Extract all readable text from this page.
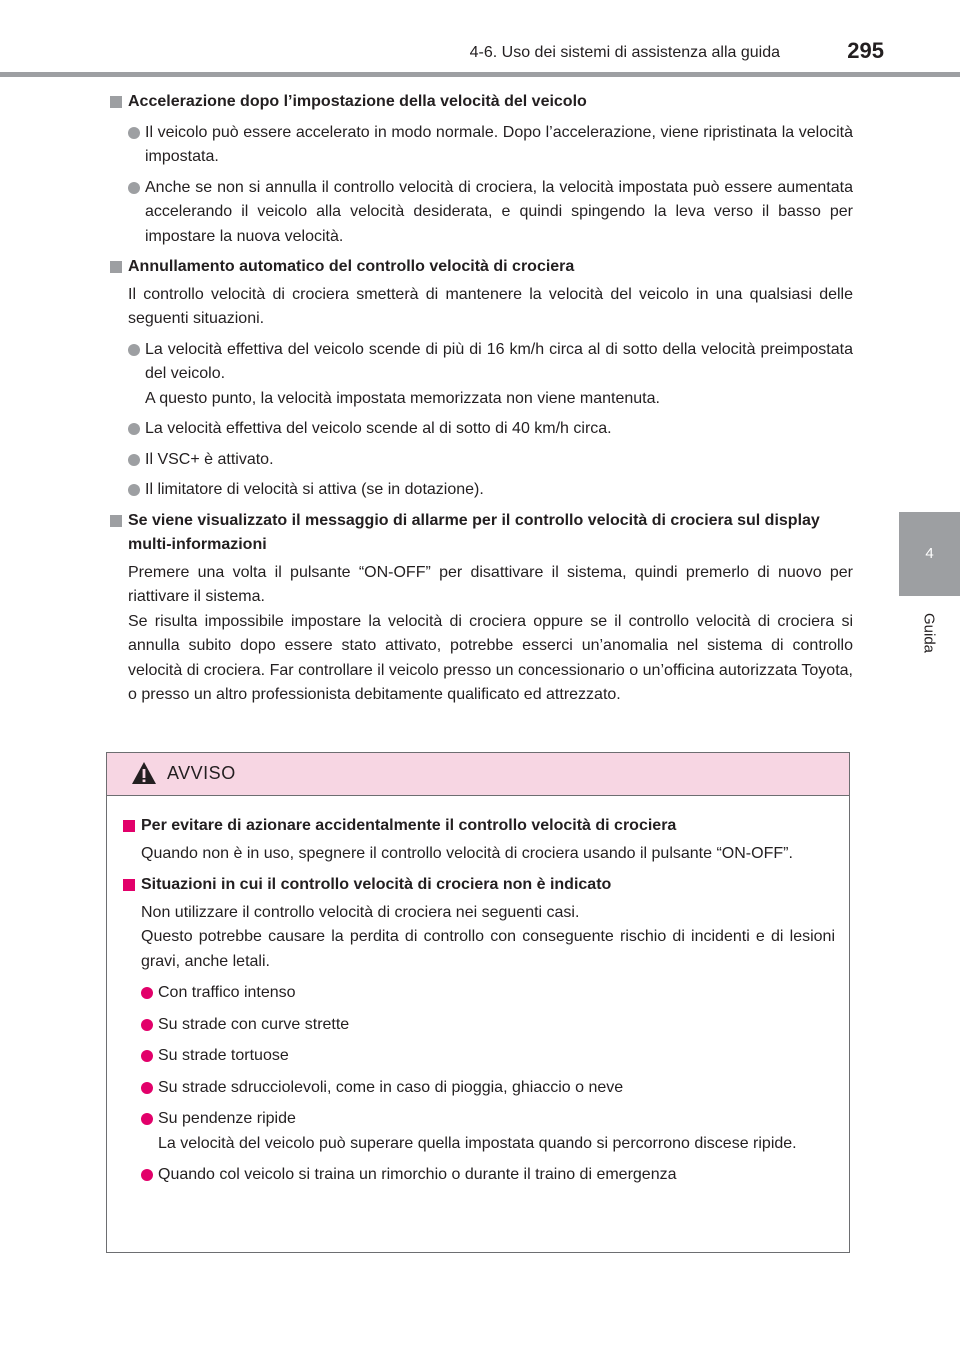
4-6. Uso dei sistemi di assistenza alla guida	295
4
Guida

Accelerazione dopo l’impostazione della velocità del veicolo

Il veicolo può essere accelerato in modo normale. Dopo l’accelerazione, viene ripristinata la velocità impostata.
Anche se non si annulla il controllo velocità di crociera, la velocità impostata può essere aumentata accelerando il veicolo alla velocità desiderata, e quindi spingendo la leva verso il basso per impostare la nuova velocità.

Annullamento automatico del controllo velocità di crociera

Il controllo velocità di crociera smetterà di mantenere la velocità del veicolo in una qualsiasi delle seguenti situazioni.
La velocità effettiva del veicolo scende di più di 16 km/h circa al di sotto della velocità preimpostata del veicolo.
A questo punto, la velocità impostata memorizzata non viene mantenuta.
La velocità effettiva del veicolo scende al di sotto di 40 km/h circa.
Il VSC+ è attivato.
Il limitatore di velocità si attiva (se in dotazione).

Se viene visualizzato il messaggio di allarme per il controllo velocità di crociera sul display multi-informazioni

Premere una volta il pulsante “ON-OFF” per disattivare il sistema, quindi premerlo di nuovo per riattivare il sistema.
Se risulta impossibile impostare la velocità di crociera oppure se il controllo velocità di crociera si annulla subito dopo essere stato attivato, potrebbe esserci un’anomalia nel sistema di controllo velocità di crociera. Far controllare il veicolo presso un concessionario o un’officina autorizzata Toyota, o presso un altro professionista debitamente qualificato ed attrezzato.
AVVISO

Per evitare di azionare accidentalmente il controllo velocità di crociera

Quando non è in uso, spegnere il controllo velocità di crociera usando il pulsante “ON-OFF”.

Situazioni in cui il controllo velocità di crociera non è indicato

Non utilizzare il controllo velocità di crociera nei seguenti casi.
Questo potrebbe causare la perdita di controllo con conseguente rischio di incidenti e di lesioni gravi, anche letali.
Con traffico intenso
Su strade con curve strette
Su strade tortuose
Su strade sdrucciolevoli, come in caso di pioggia, ghiaccio o neve
Su pendenze ripide
La velocità del veicolo può superare quella impostata quando si percorrono discese ripide.
Quando col veicolo si traina un rimorchio o durante il traino di emergenza
